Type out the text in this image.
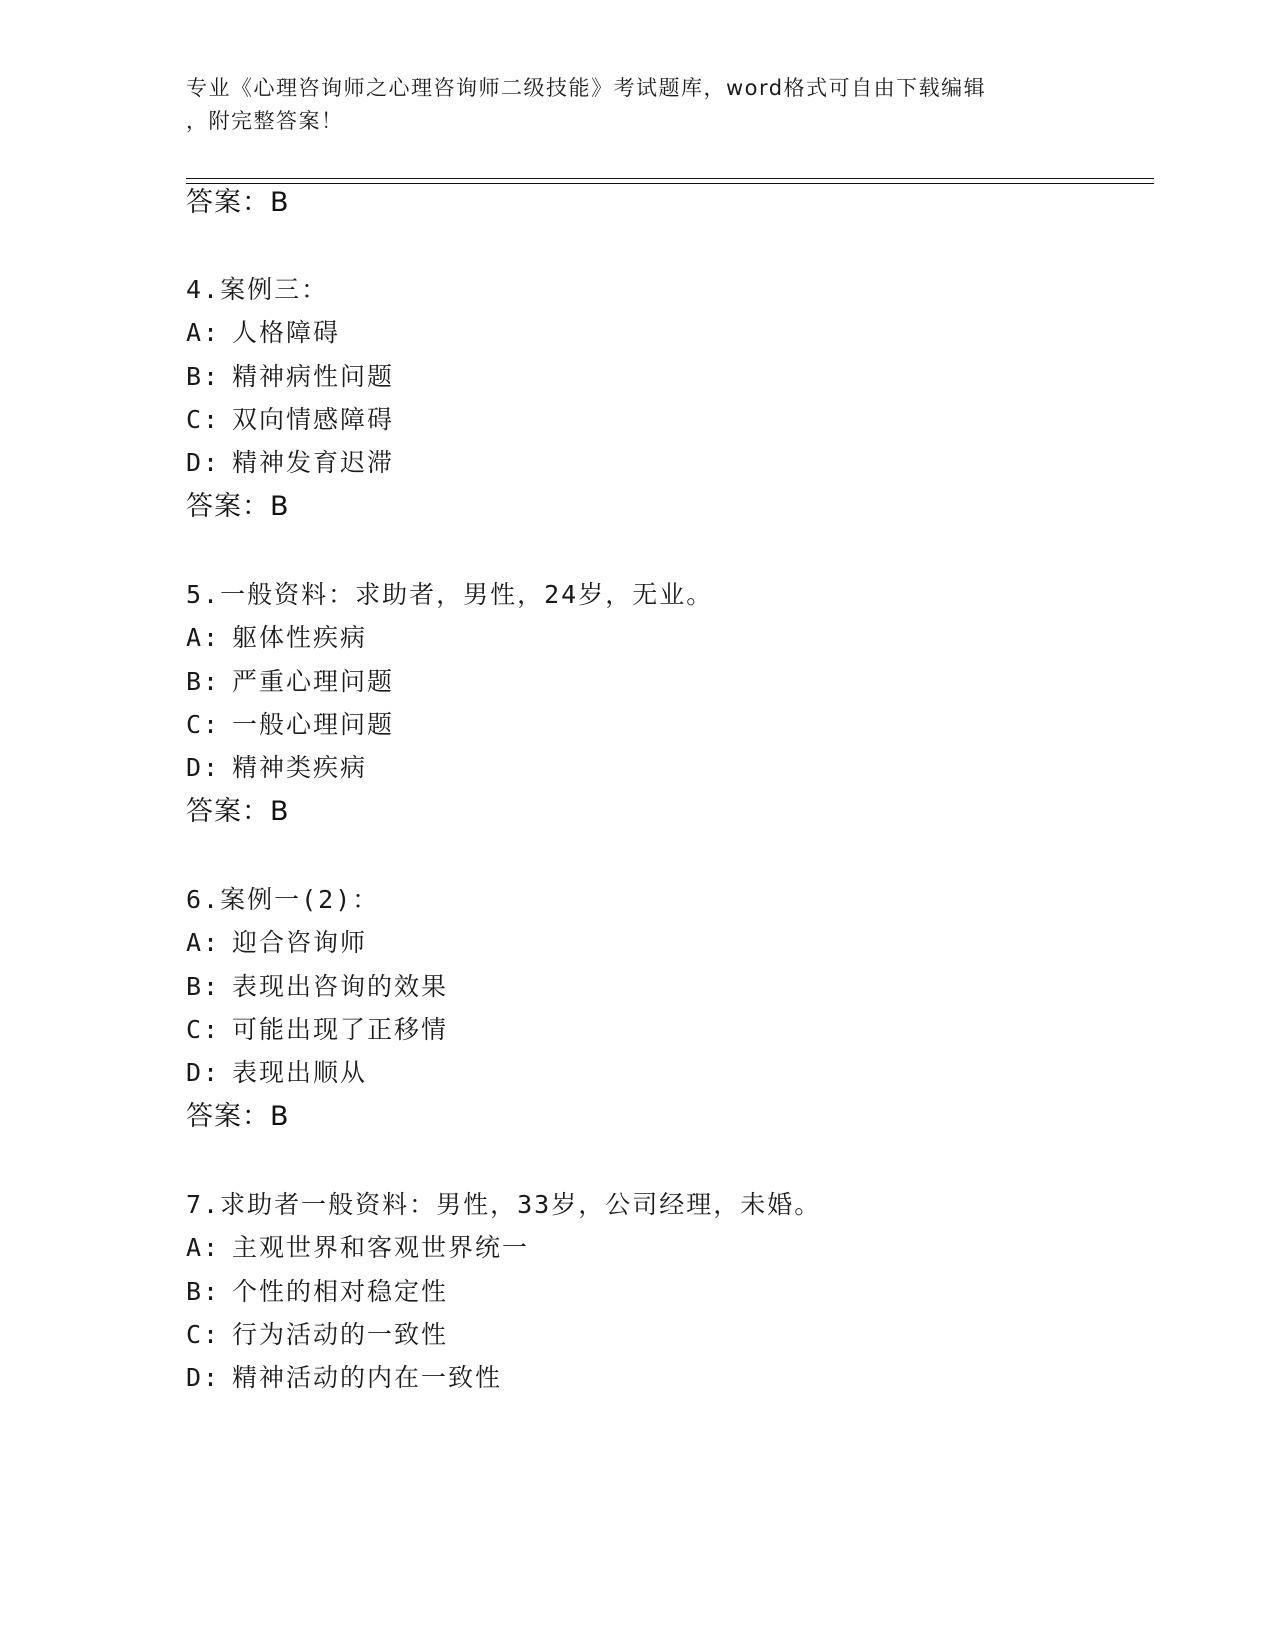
专业《心理咨询师之心理咨询师二级技能》考试题库，word格式可自由下载编辑
，附完整答案！
答案：B
4.案例三：
A: 人格障碍
B: 精神病性问题
C: 双向情感障碍
D: 精神发育迟滞
答案：B
5.一般资料：求助者，男性，24岁，无业。
A: 躯体性疾病
B: 严重心理问题
C: 一般心理问题
D: 精神类疾病
答案：B
6.案例一(2)：
A: 迎合咨询师
B: 表现出咨询的效果
C: 可能出现了正移情
D: 表现出顺从
答案：B
7.求助者一般资料：男性，33岁，公司经理，未婚。
A: 主观世界和客观世界统一
B: 个性的相对稳定性
C: 行为活动的一致性
D: 精神活动的内在一致性
